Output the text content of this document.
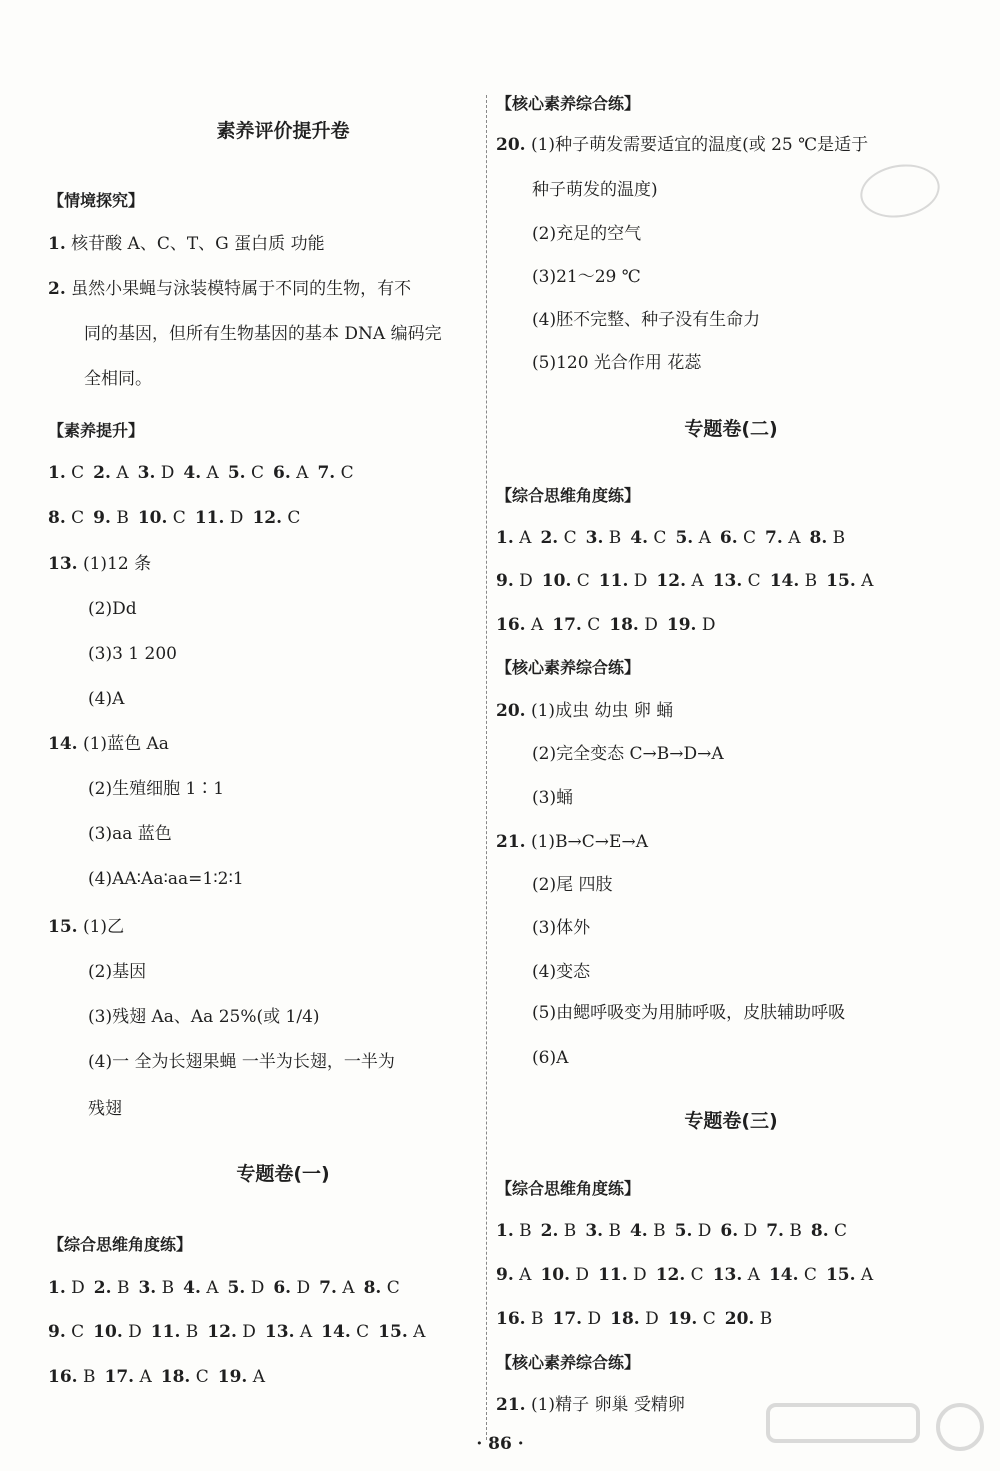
素养评价提升卷
【情境探究】
1. 核苷酸 A、C、T、G 蛋白质 功能
2. 虽然小果蝇与泳装模特属于不同的生物，有不
同的基因，但所有生物基因的基本 DNA 编码完
全相同。
【素养提升】
1. C 2. A 3. D 4. A 5. C 6. A 7. C
8. C 9. B 10. C 11. D 12. C
13. (1)12 条
(2)Dd
(3)3 1 200
(4)A
14. (1)蓝色 Aa
(2)生殖细胞 1∶1
(3)aa 蓝色
(4)AA∶Aa∶aa=1∶2∶1
15. (1)乙
(2)基因
(3)残翅 Aa、Aa 25%(或 1/4)
(4)一 全为长翅果蝇 一半为长翅，一半为
残翅
专题卷(一)
【综合思维角度练】
1. D 2. B 3. B 4. A 5. D 6. D 7. A 8. C
9. C 10. D 11. B 12. D 13. A 14. C 15. A
16. B 17. A 18. C 19. A
【核心素养综合练】
20. (1)种子萌发需要适宜的温度(或 25 ℃是适于
种子萌发的温度)
(2)充足的空气
(3)21～29 ℃
(4)胚不完整、种子没有生命力
(5)120 光合作用 花蕊
专题卷(二)
【综合思维角度练】
1. A 2. C 3. B 4. C 5. A 6. C 7. A 8. B
9. D 10. C 11. D 12. A 13. C 14. B 15. A
16. A 17. C 18. D 19. D
【核心素养综合练】
20. (1)成虫 幼虫 卵 蛹
(2)完全变态 C→B→D→A
(3)蛹
21. (1)B→C→E→A
(2)尾 四肢
(3)体外
(4)变态
(5)由鳃呼吸变为用肺呼吸，皮肤辅助呼吸
(6)A
专题卷(三)
【综合思维角度练】
1. B 2. B 3. B 4. B 5. D 6. D 7. B 8. C
9. A 10. D 11. D 12. C 13. A 14. C 15. A
16. B 17. D 18. D 19. C 20. B
【核心素养综合练】
21. (1)精子 卵巢 受精卵
· 86 ·
